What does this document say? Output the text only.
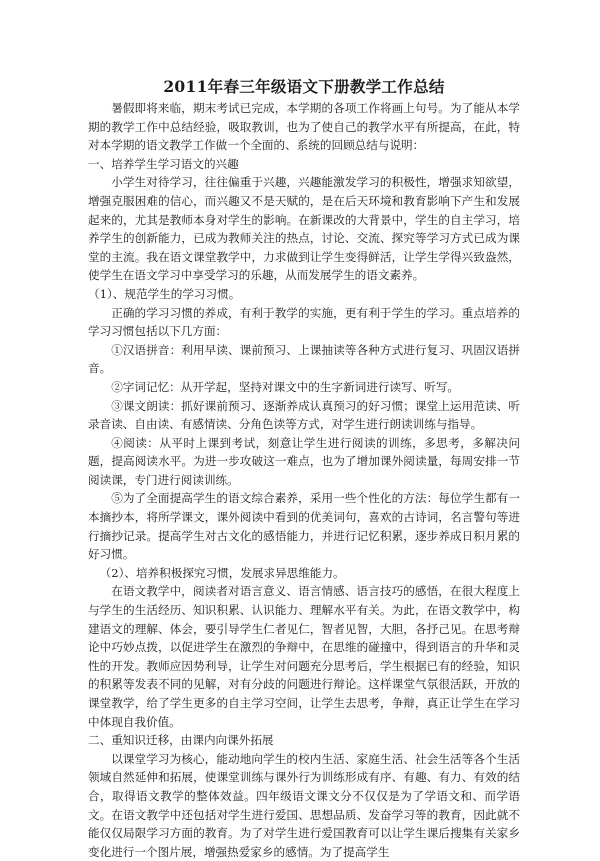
2011年春三年级语文下册教学工作总结

暑假即将来临，期末考试已完成，本学期的各项工作将画上句号。为了能从本学期的教学工作中总结经验，吸取教训，也为了使自己的教学水平有所提高，在此，特对本学期的语文教学工作做一个全面的、系统的回顾总结与说明：

一、培养学生学习语文的兴趣

小学生对待学习，往往偏重于兴趣，兴趣能激发学习的积极性，增强求知欲望，增强克服困难的信心，而兴趣又不是天赋的，是在后天环境和教育影响下产生和发展起来的，尤其是教师本身对学生的影响。在新课改的大背景中，学生的自主学习，培养学生的创新能力，已成为教师关注的热点，讨论、交流、探究等学习方式已成为课堂的主流。我在语文课堂教学中，力求做到让学生变得鲜活，让学生学得兴致盎然，使学生在语文学习中享受学习的乐趣，从而发展学生的语文素养。

（1）、规范学生的学习习惯。

正确的学习习惯的养成，有利于教学的实施，更有利于学生的学习。重点培养的学习习惯包括以下几方面：

①汉语拼音：利用早读、课前预习、上课抽读等各种方式进行复习、巩固汉语拼音。

②字词记忆：从开学起，坚持对课文中的生字新词进行读写、听写。

③课文朗读：抓好课前预习、逐渐养成认真预习的好习惯；课堂上运用范读、听录音读、自由读、有感情读、分角色读等方式，对学生进行朗读训练与指导。

④阅读：从平时上课到考试，刻意让学生进行阅读的训练，多思考，多解决问题，提高阅读水平。为进一步攻破这一难点，也为了增加课外阅读量，每周安排一节阅读课，专门进行阅读训练。

⑤为了全面提高学生的语文综合素养，采用一些个性化的方法：每位学生都有一本摘抄本，将所学课文，课外阅读中看到的优美词句，喜欢的古诗词，名言警句等进行摘抄记录。提高学生对古文化的感悟能力，并进行记忆积累，逐步养成日积月累的好习惯。

（2）、培养积极探究习惯，发展求异思维能力。

在语文教学中，阅读者对语言意义、语言情感、语言技巧的感悟，在很大程度上与学生的生活经历、知识积累、认识能力、理解水平有关。为此，在语文教学中，构建语文的理解、体会，要引导学生仁者见仁，智者见智，大胆，各抒己见。在思考辩论中巧妙点拨，以促进学生在激烈的争辩中，在思维的碰撞中，得到语言的升华和灵性的开发。教师应因势利导，让学生对问题充分思考后，学生根据已有的经验，知识的积累等发表不同的见解，对有分歧的问题进行辩论。这样课堂气氛很活跃，开放的课堂教学，给了学生更多的自主学习空间，让学生去思考，争辩，真正让学生在学习中体现自我价值。

二、重知识迁移，由课内向课外拓展

以课堂学习为核心，能动地向学生的校内生活、家庭生活、社会生活等各个生活领域自然延伸和拓展，使课堂训练与课外行为训练形成有序、有趣、有力、有效的结合，取得语文教学的整体效益。四年级语文课文分不仅仅是为了学语文和、而学语文。在语文教学中还包括对学生进行爱国、思想品质、发奋学习等的教育，因此就不能仅仅局限学习方面的教育。为了对学生进行爱国教育可以让学生课后搜集有关家乡变化进行一个图片展，增强热爱家乡的感情。为了提高学生
